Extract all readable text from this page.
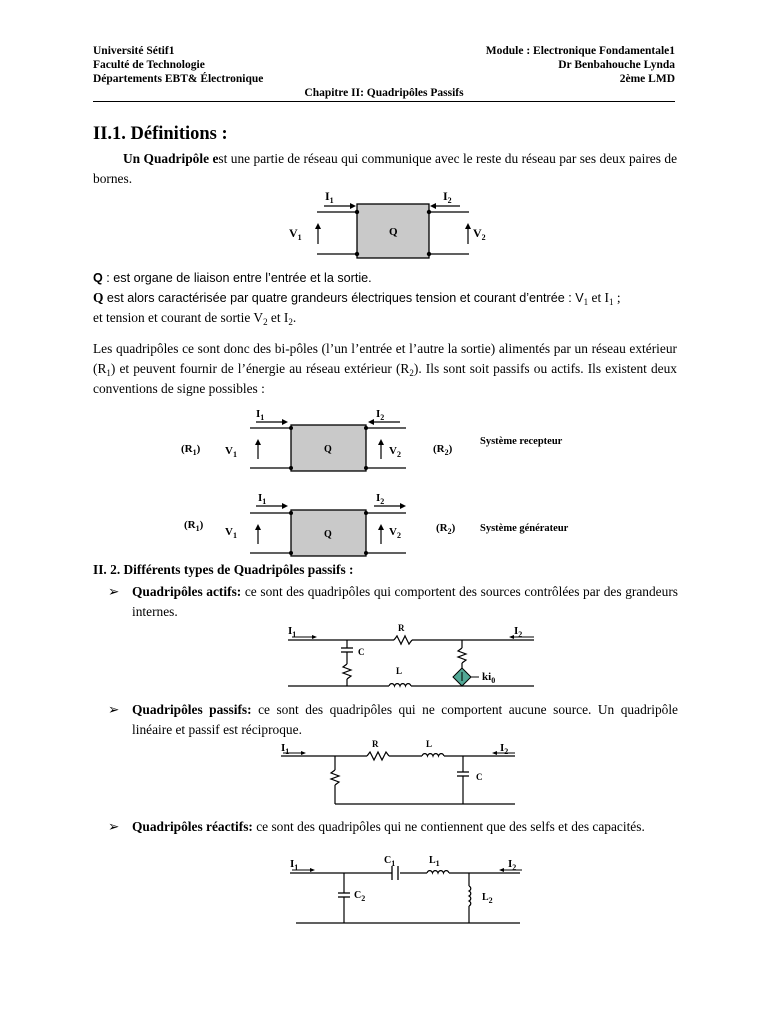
Université Sétif1
Faculté de Technologie
Départements EBT& Électronique
Module : Electronique Fondamentale1
Dr Benbahouche Lynda
2ème LMD
Chapitre II: Quadripôles Passifs
II.1. Définitions :
Un Quadripôle est une partie de réseau qui communique avec le reste du réseau par ses deux paires de bornes.
$I_1$	$I_2$
$V_1$	$V_2$
Q
Q : est organe de liaison entre l’entrée et la sortie.
Q est alors caractérisée par quatre grandeurs électriques tension et courant d’entrée : $V_1$ et $I_1$ ;
et tension et courant de sortie $V_2$ et $I_2$.
Les quadripôles ce sont donc des bi-pôles (l’un l’entrée et l’autre la sortie) alimentés par un réseau extérieur $(R_1)$ et peuvent fournir de l’énergie au réseau extérieur $(R_2)$. Ils sont soit passifs ou actifs. Ils existent deux conventions de signe possibles :
$I_1$	$I_2$
$V_1$	$V_2$
$(R_1)$	$(R_2)$
Q
Système recepteur
$I_1$	$I_2$
$V_1$	$V_2$
$(R_1)$	$(R_2)$
Q
Système générateur
II. 2. Différents types de Quadripôles passifs :
➢ Quadripôles actifs: ce sont des quadripôles qui comportent des sources contrôlées par des grandeurs internes.
$I_1$	$I_2$
R
C
L	$ki_0$
➢ Quadripôles passifs: ce sont des quadripôles qui ne comportent aucune source. Un quadripôle linéaire et passif est réciproque.
$I_1$	$I_2$
R	L
C
➢ Quadripôles réactifs: ce sont des quadripôles qui ne contiennent que des selfs et des capacités.
$I_1$	$I_2$
$C_1$	$L_1$
$C_2$	$L_2$
